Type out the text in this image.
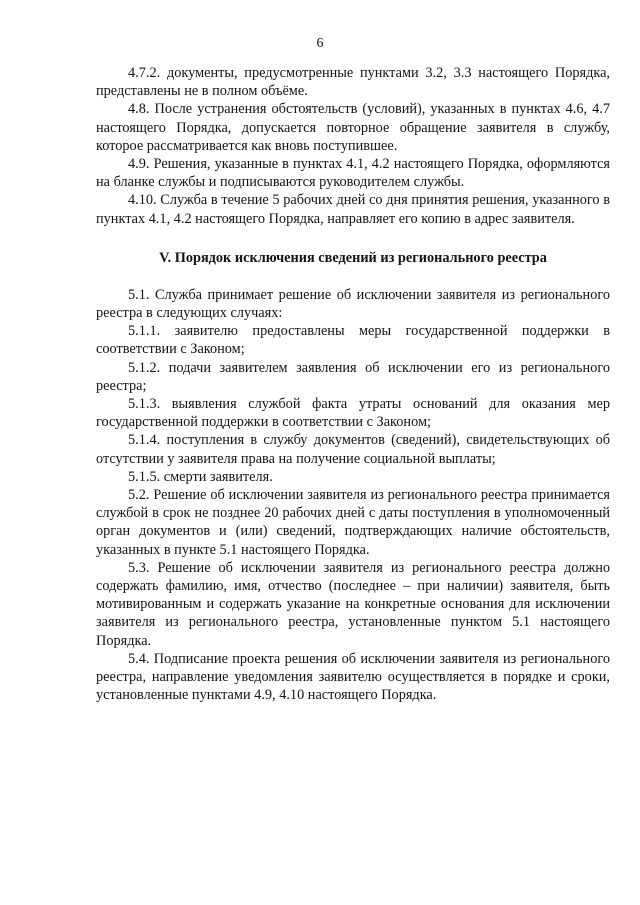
6

4.7.2. документы, предусмотренные пунктами 3.2, 3.3 настоящего Порядка, представлены не в полном объёме.

4.8. После устранения обстоятельств (условий), указанных в пунктах 4.6, 4.7 настоящего Порядка, допускается повторное обращение заявителя в службу, которое рассматривается как вновь поступившее.

4.9. Решения, указанные в пунктах 4.1, 4.2 настоящего Порядка, оформляются на бланке службы и подписываются руководителем службы.

4.10. Служба в течение 5 рабочих дней со дня принятия решения, указанного в пунктах 4.1, 4.2 настоящего Порядка, направляет его копию в адрес заявителя.

V. Порядок исключения сведений из регионального реестра

5.1. Служба принимает решение об исключении заявителя из регионального реестра в следующих случаях:

5.1.1. заявителю предоставлены меры государственной поддержки в соответствии с Законом;

5.1.2. подачи заявителем заявления об исключении его из регионального реестра;

5.1.3. выявления службой факта утраты оснований для оказания мер государственной поддержки в соответствии с Законом;

5.1.4. поступления в службу документов (сведений), свидетельствующих об отсутствии у заявителя права на получение социальной выплаты;

5.1.5. смерти заявителя.

5.2. Решение об исключении заявителя из регионального реестра принимается службой в срок не позднее 20 рабочих дней с даты поступления в уполномоченный орган документов и (или) сведений, подтверждающих наличие обстоятельств, указанных в пункте 5.1 настоящего Порядка.

5.3. Решение об исключении заявителя из регионального реестра должно содержать фамилию, имя, отчество (последнее – при наличии) заявителя, быть мотивированным и содержать указание на конкретные основания для исключении заявителя из регионального реестра, установленные пунктом 5.1 настоящего Порядка.

5.4. Подписание проекта решения об исключении заявителя из регионального реестра, направление уведомления заявителю осуществляется в порядке и сроки, установленные пунктами 4.9, 4.10 настоящего Порядка.
